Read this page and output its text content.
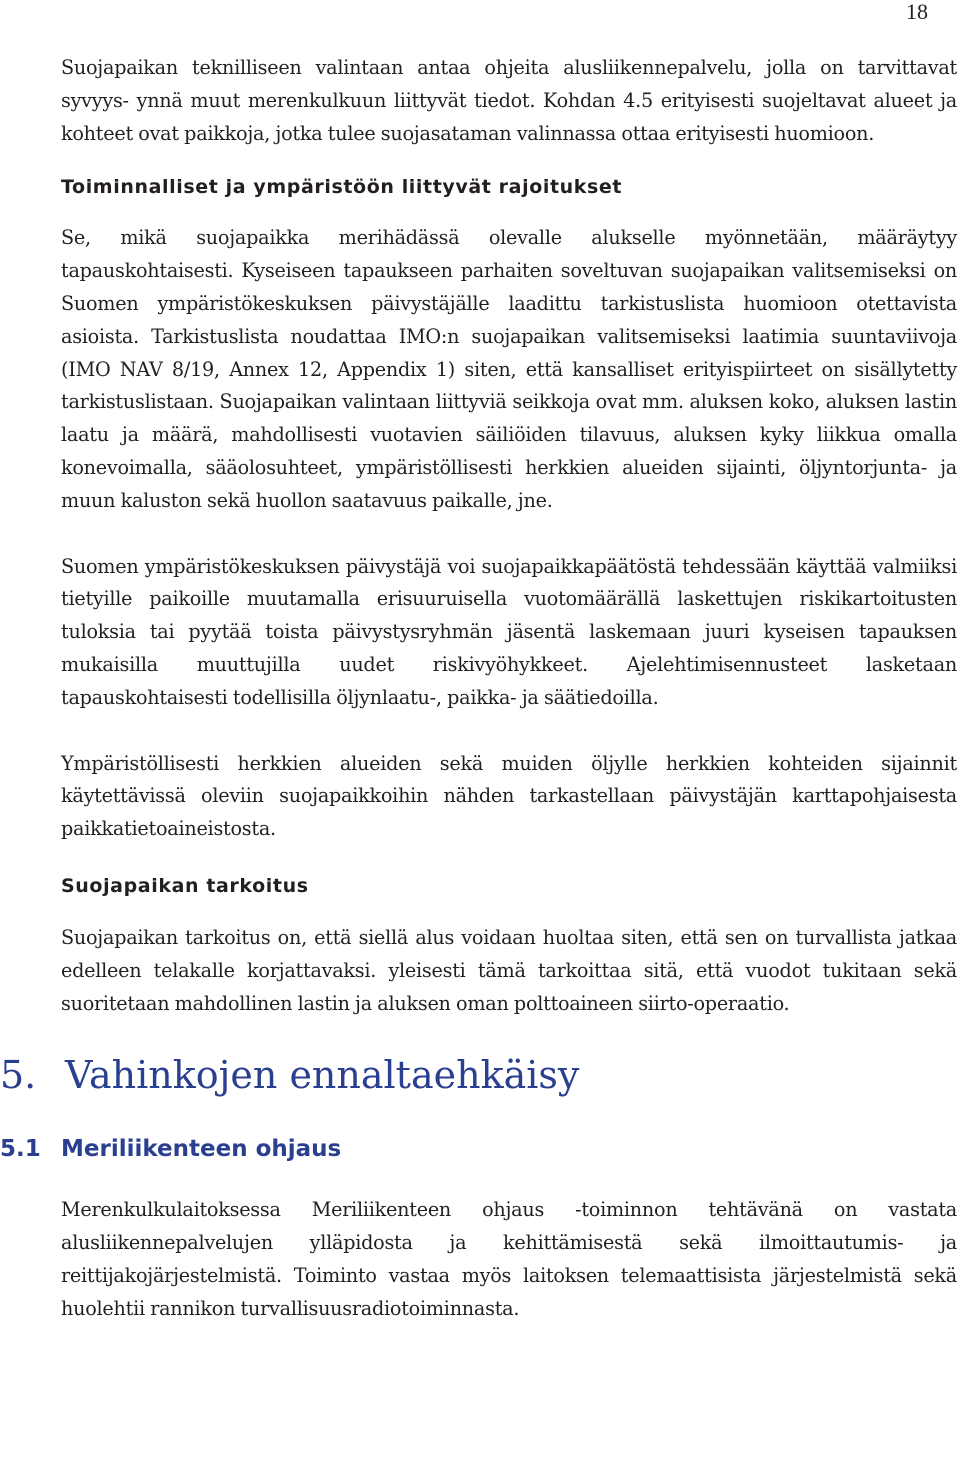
18

Suojapaikan teknilliseen valintaan antaa ohjeita alusliikennepalvelu, jolla on tarvittavat syvyys- ynnä muut merenkulkuun liittyvät tiedot. Kohdan 4.5 erityisesti suojeltavat alueet ja kohteet ovat paikkoja, jotka tulee suojasataman valinnassa ottaa erityisesti huomioon.

Toiminnalliset ja ympäristöön liittyvät rajoitukset

Se, mikä suojapaikka merihädässä olevalle alukselle myönnetään, määräytyy tapauskohtaisesti. Kyseiseen tapaukseen parhaiten soveltuvan suojapaikan valitsemiseksi on Suomen ympäristökeskuksen päivystäjälle laadittu tarkistuslista huomioon otettavista asioista. Tarkistuslista noudattaa IMO:n suojapaikan valitsemiseksi laatimia suuntaviivoja (IMO NAV 8/19, Annex 12, Appendix 1) siten, että kansalliset erityispiirteet on sisällytetty tarkistuslistaan. Suojapaikan valintaan liittyviä seikkoja ovat mm. aluksen koko, aluksen lastin laatu ja määrä, mahdollisesti vuotavien säiliöiden tilavuus, aluksen kyky liikkua omalla konevoimalla, sääolosuhteet, ympäristöllisesti herkkien alueiden sijainti, öljyntorjunta- ja muun kaluston sekä huollon saatavuus paikalle, jne.

Suomen ympäristökeskuksen päivystäjä voi suojapaikkapäätöstä tehdessään käyttää valmiiksi tietyille paikoille muutamalla erisuuruisella vuotomäärällä laskettujen riskikartoitusten tuloksia tai pyytää toista päivystysryhmän jäsentä laskemaan juuri kyseisen tapauksen mukaisilla muuttujilla uudet riskivyöhykkeet. Ajelehtimisennusteet lasketaan tapauskohtaisesti todellisilla öljynlaatu-, paikka- ja säätiedoilla.

Ympäristöllisesti herkkien alueiden sekä muiden öljylle herkkien kohteiden sijainnit käytettävissä oleviin suojapaikkoihin nähden tarkastellaan päivystäjän karttapohjaisesta paikkatietoaineistosta.

Suojapaikan tarkoitus

Suojapaikan tarkoitus on, että siellä alus voidaan huoltaa siten, että sen on turvallista jatkaa edelleen telakalle korjattavaksi. yleisesti tämä tarkoittaa sitä, että vuodot tukitaan sekä suoritetaan mahdollinen lastin ja aluksen oman polttoaineen siirto-operaatio.

5. Vahinkojen ennaltaehkäisy
5.1 Meriliikenteen ohjaus

Merenkulkulaitoksessa Meriliikenteen ohjaus -toiminnon tehtävänä on vastata alusliikennepalvelujen ylläpidosta ja kehittämisestä sekä ilmoittautumis- ja reittijakojärjestelmistä. Toiminto vastaa myös laitoksen telemaattisista järjestelmistä sekä huolehtii rannikon turvallisuusradiotoiminnasta.
